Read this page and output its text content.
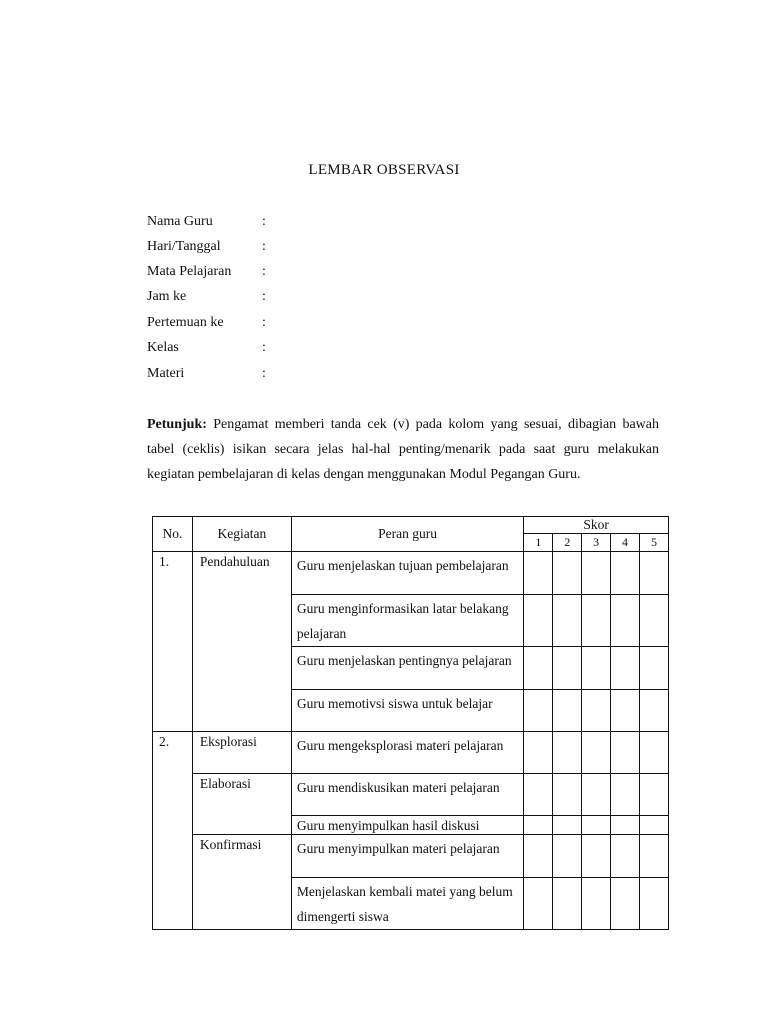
LEMBAR OBSERVASI
Nama Guru	:
Hari/Tanggal	:
Mata Pelajaran :
Jam ke	:
Pertemuan ke	:
Kelas	:
Materi	:
Petunjuk: Pengamat memberi tanda cek (v) pada kolom yang sesuai, dibagian bawah tabel (ceklis) isikan secara jelas hal-hal penting/menarik pada saat guru melakukan kegiatan pembelajaran di kelas dengan menggunakan Modul Pegangan Guru.
No.	Kegiatan	Peran guru	Skor				
			1	2	3	4	5
1.	Pendahuluan	Guru menjelaskan tujuan pembelajaran					
		Guru menginformasikan latar belakang pelajaran					
		Guru menjelaskan pentingnya pelajaran					
		Guru memotivsi siswa untuk belajar					
2.	Eksplorasi	Guru mengeksplorasi materi pelajaran					
	Elaborasi	Guru mendiskusikan materi pelajaran					
		Guru menyimpulkan hasil diskusi					
	Konfirmasi	Guru menyimpulkan materi pelajaran					
		Menjelaskan kembali matei yang belum dimengerti siswa					
